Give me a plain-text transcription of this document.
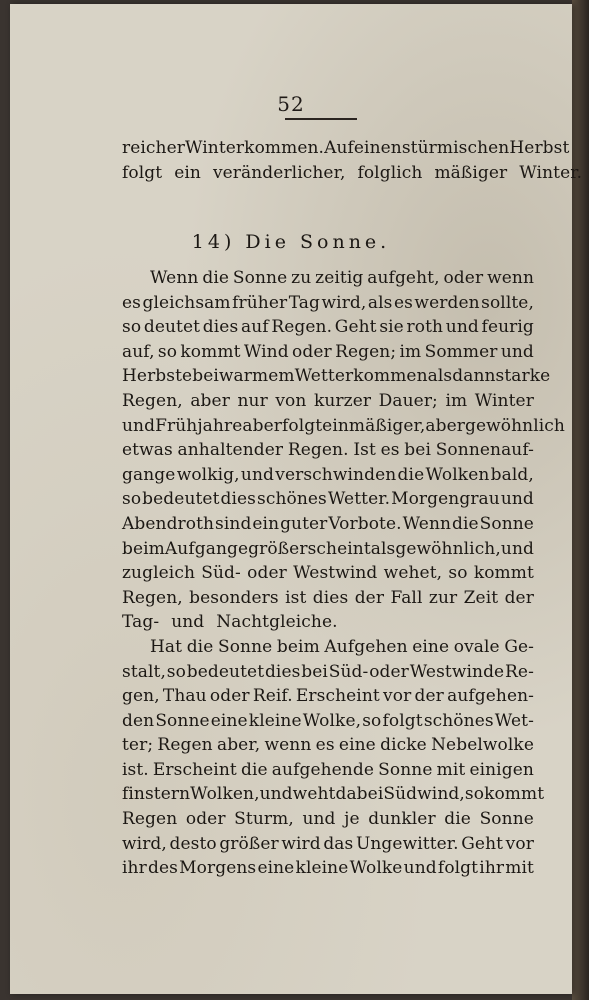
52
reicher Winter kommen. Auf einen stürmischen Herbst
folgt ein veränderlicher, folglich mäßiger Winter.
14) Die Sonne.
Wenn die Sonne zu zeitig aufgeht, oder wenn
es gleichsam früher Tag wird, als es werden sollte,
so deutet dies auf Regen. Geht sie roth und feurig
auf, so kommt Wind oder Regen; im Sommer und
Herbste bei warmem Wetter kommen alsdann starke
Regen, aber nur von kurzer Dauer; im Winter
und Frühjahre aber folgt ein mäßiger, aber gewöhnlich
etwas anhaltender Regen. Ist es bei Sonnenauf-
gange wolkig, und verschwinden die Wolken bald,
so bedeutet dies schönes Wetter. Morgengrau und
Abendroth sind ein guter Vorbote. Wenn die Sonne
beim Aufgange größer scheint als gewöhnlich, und
zugleich Süd- oder Westwind wehet, so kommt
Regen, besonders ist dies der Fall zur Zeit der
Tag- und Nachtgleiche.
Hat die Sonne beim Aufgehen eine ovale Ge-
stalt, so bedeutet dies bei Süd- oder Westwinde Re-
gen, Thau oder Reif. Erscheint vor der aufgehen-
den Sonne eine kleine Wolke, so folgt schönes Wet-
ter; Regen aber, wenn es eine dicke Nebelwolke
ist. Erscheint die aufgehende Sonne mit einigen
finstern Wolken, und weht dabei Südwind, so kommt
Regen oder Sturm, und je dunkler die Sonne
wird, desto größer wird das Ungewitter. Geht vor
ihr des Morgens eine kleine Wolke und folgt ihr mit
